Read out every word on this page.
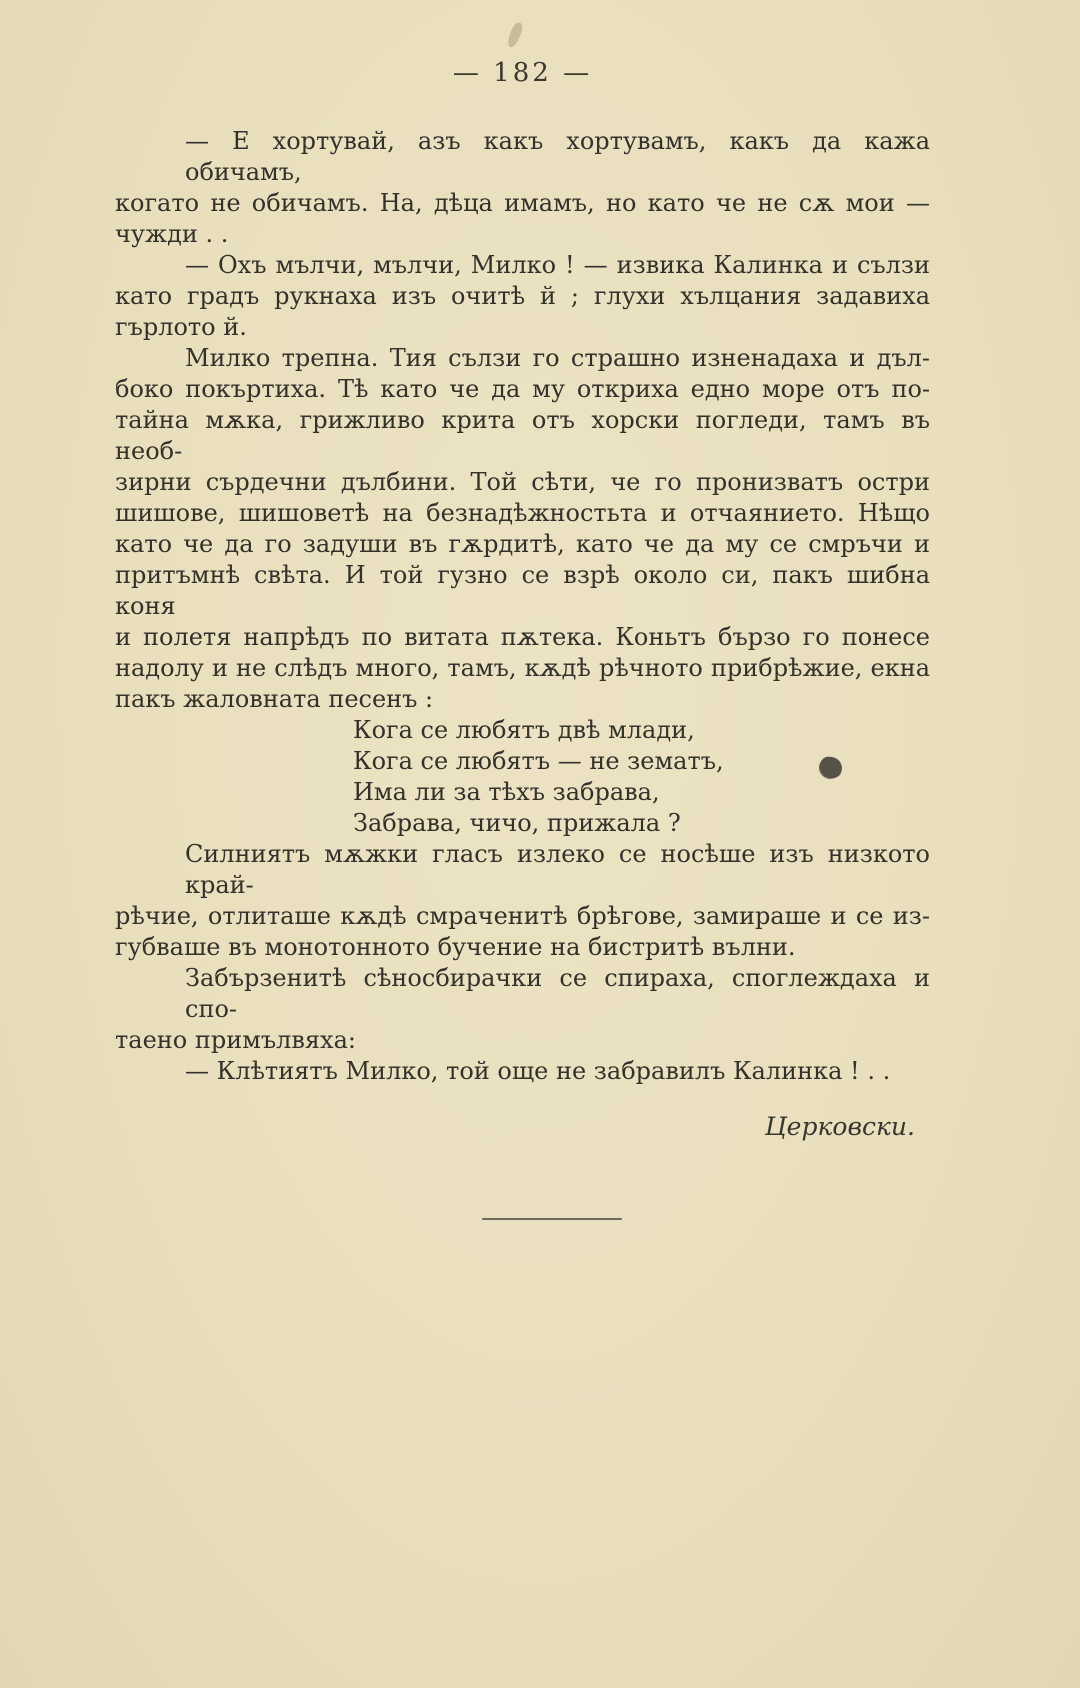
— 182 —
— Е хортувай, азъ какъ хортувамъ, какъ да кажа обичамъ,
когато не обичамъ. На, дѣца имамъ, но като че не сѫ мои —
чужди . .
— Охъ мълчи, мълчи, Милко ! — извика Калинка и сълзи
като градъ рукнаха изъ очитѣ й ; глухи хълцания задавиха
гърлото й.
Милко трепна. Тия сълзи го страшно изненадаха и дъл-
боко покъртиха. Тѣ като че да му откриха едно море отъ по-
тайна мѫка, грижливо крита отъ хорски погледи, тамъ въ необ-
зирни сърдечни дълбини. Той сѣти, че го пронизватъ остри
шишове, шишоветѣ на безнадѣжностьта и отчаянието. Нѣщо
като че да го задуши въ гѫрдитѣ, като че да му се смръчи и
притъмнѣ свѣта. И той гузно се взрѣ около си, пакъ шибна коня
и полетя напрѣдъ по витата пѫтека. Коньтъ бързо го понесе
надолу и не слѣдъ много, тамъ, кѫдѣ рѣчното прибрѣжие, екна
пакъ жаловната песенъ :
Кога се любятъ двѣ млади,
Кога се любятъ — не зематъ,
Има ли за тѣхъ забрава,
Забрава, чичо, прижала ?
Силниятъ мѫжки гласъ излеко се носѣше изъ низкото край-
рѣчие, отлиташе кѫдѣ смраченитѣ брѣгове, замираше и се из-
губваше въ монотонното бучение на бистритѣ вълни.
Забързенитѣ сѣносбирачки се спираха, споглеждаха и спо-
таено примълвяха:
— Клѣтиятъ Милко, той още не забравилъ Калинка ! . .
Церковски.
